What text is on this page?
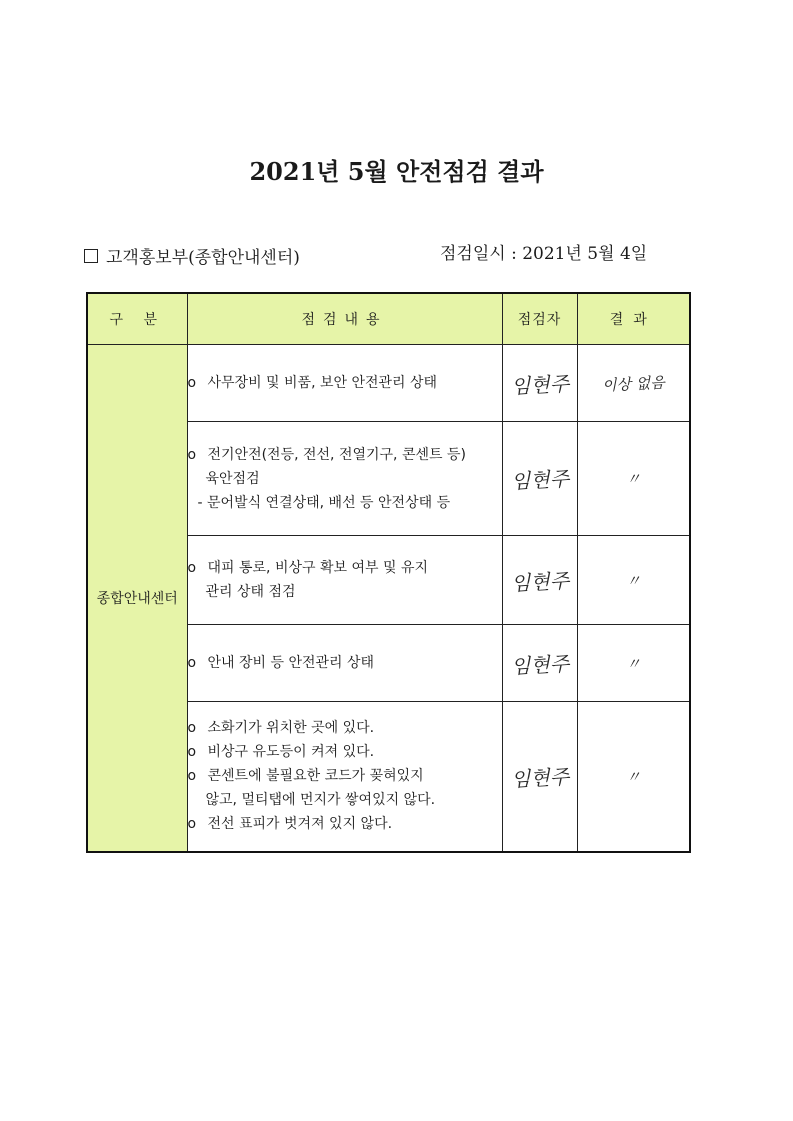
2021년 5월 안전점검 결과
고객홍보부(종합안내센터)	점검일시 : 2021년 5월 4일
구 분	점검내용	점검자	결과
종합안내센터	o 사무장비 및 비품, 보안 안전관리 상태	임현주	이상 없음

	o 전기안전(전등, 전선, 전열기구, 콘센트 등)
육안점검
- 문어발식 연결상태, 배선 등 안전상태 등	임현주	〃

	o 대피 통로, 비상구 확보 여부 및 유지
관리 상태 점검	임현주	〃

	o 안내 장비 등 안전관리 상태	임현주	〃

	o 소화기가 위치한 곳에 있다.
o 비상구 유도등이 켜져 있다.
o 콘센트에 불필요한 코드가 꽂혀있지
않고, 멀티탭에 먼지가 쌓여있지 않다.
o 전선 표피가 벗겨져 있지 않다.	임현주	〃
